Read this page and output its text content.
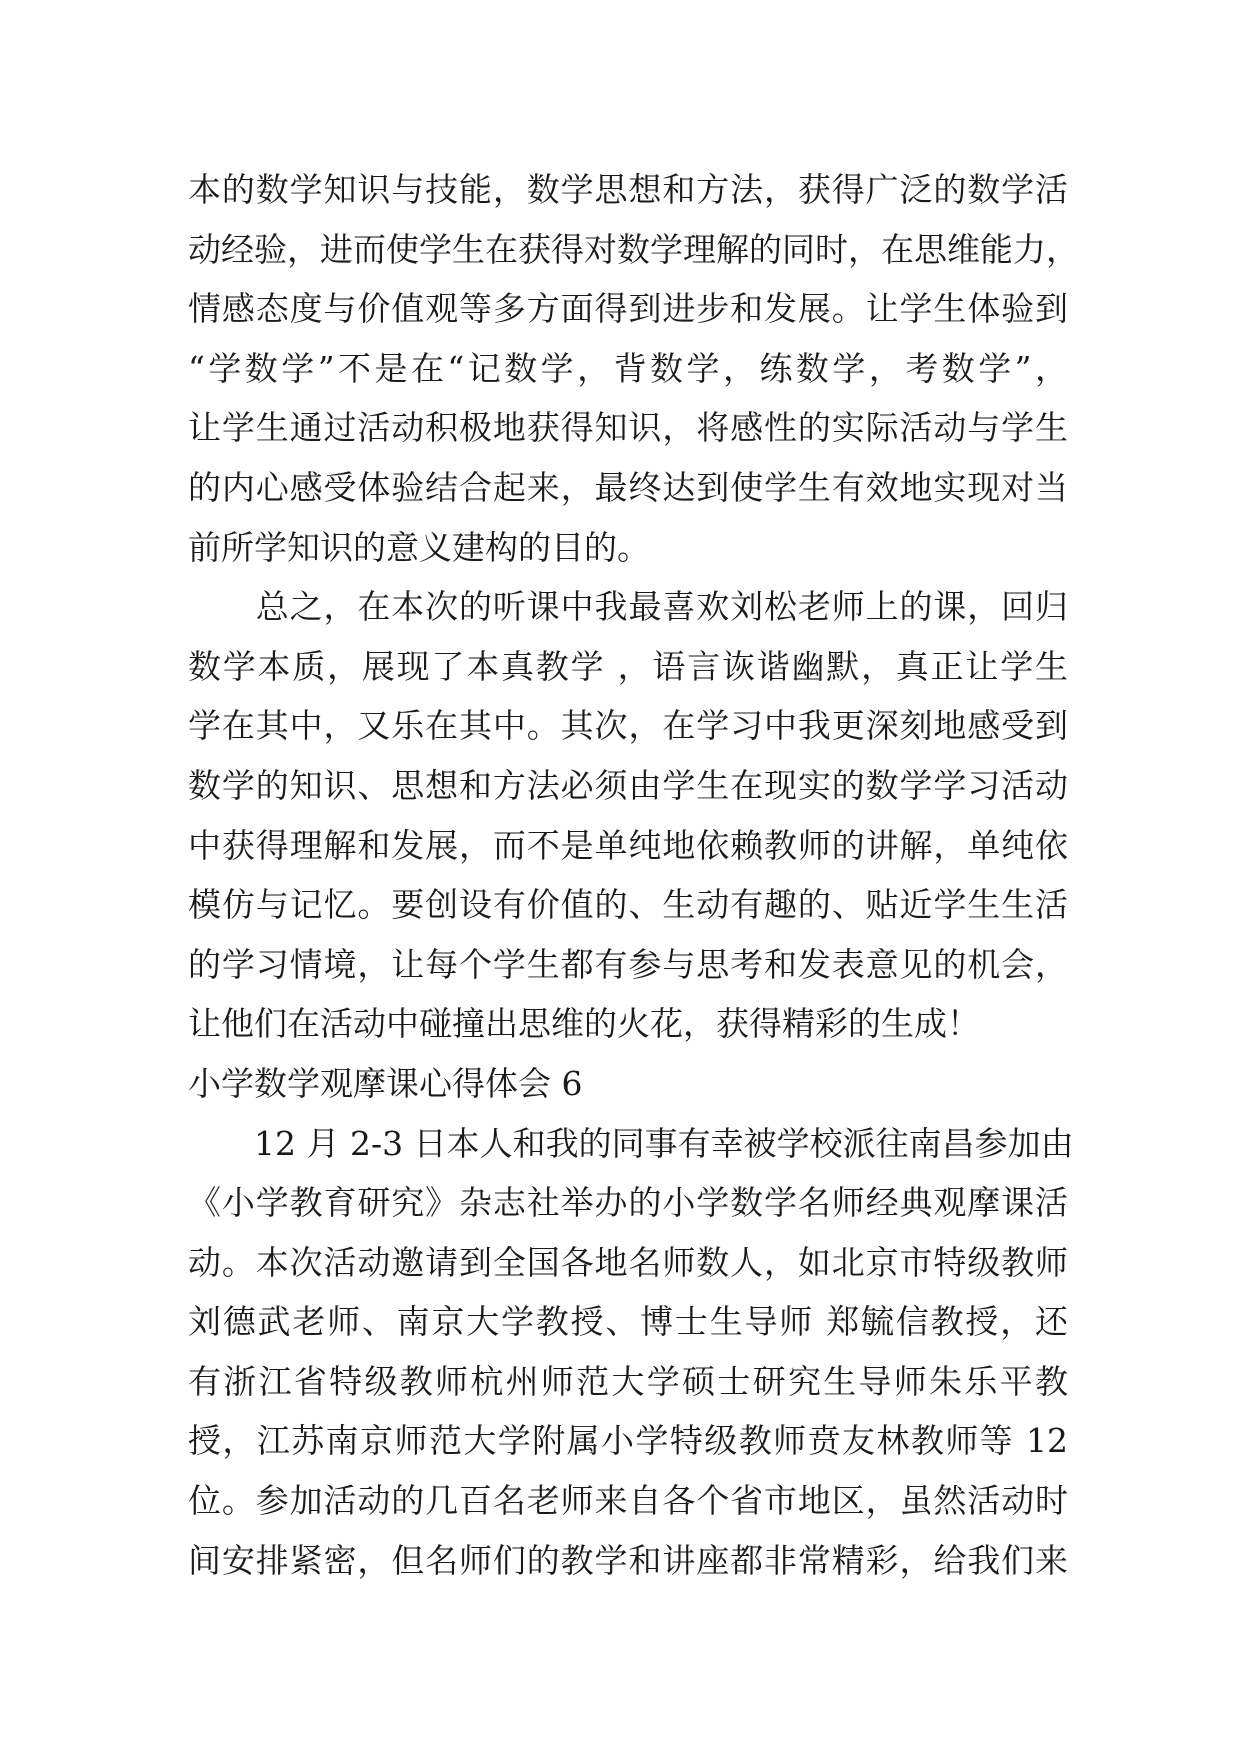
本的数学知识与技能，数学思想和方法，获得广泛的数学活
动经验，进而使学生在获得对数学理解的同时，在思维能力，
情感态度与价值观等多方面得到进步和发展。让学生体验到
“学数学”不是在“记数学，背数学，练数学，考数学”，
让学生通过活动积极地获得知识，将感性的实际活动与学生
的内心感受体验结合起来，最终达到使学生有效地实现对当
前所学知识的意义建构的目的。
　　总之，在本次的听课中我最喜欢刘松老师上的课，回归
数学本质，展现了本真教学 ，语言诙谐幽默，真正让学生
学在其中，又乐在其中。其次，在学习中我更深刻地感受到
数学的知识、思想和方法必须由学生在现实的数学学习活动
中获得理解和发展，而不是单纯地依赖教师的讲解，单纯依
模仿与记忆。要创设有价值的、生动有趣的、贴近学生生活
的学习情境，让每个学生都有参与思考和发表意见的机会，
让他们在活动中碰撞出思维的火花，获得精彩的生成！
小学数学观摩课心得体会 6
　　12 月 2-3 日本人和我的同事有幸被学校派往南昌参加由
《小学教育研究》杂志社举办的小学数学名师经典观摩课活
动。本次活动邀请到全国各地名师数人，如北京市特级教师
刘德武老师、南京大学教授、博士生导师 郑毓信教授，还
有浙江省特级教师杭州师范大学硕士研究生导师朱乐平教
授，江苏南京师范大学附属小学特级教师贲友林教师等 12
位。参加活动的几百名老师来自各个省市地区，虽然活动时
间安排紧密，但名师们的教学和讲座都非常精彩，给我们来
